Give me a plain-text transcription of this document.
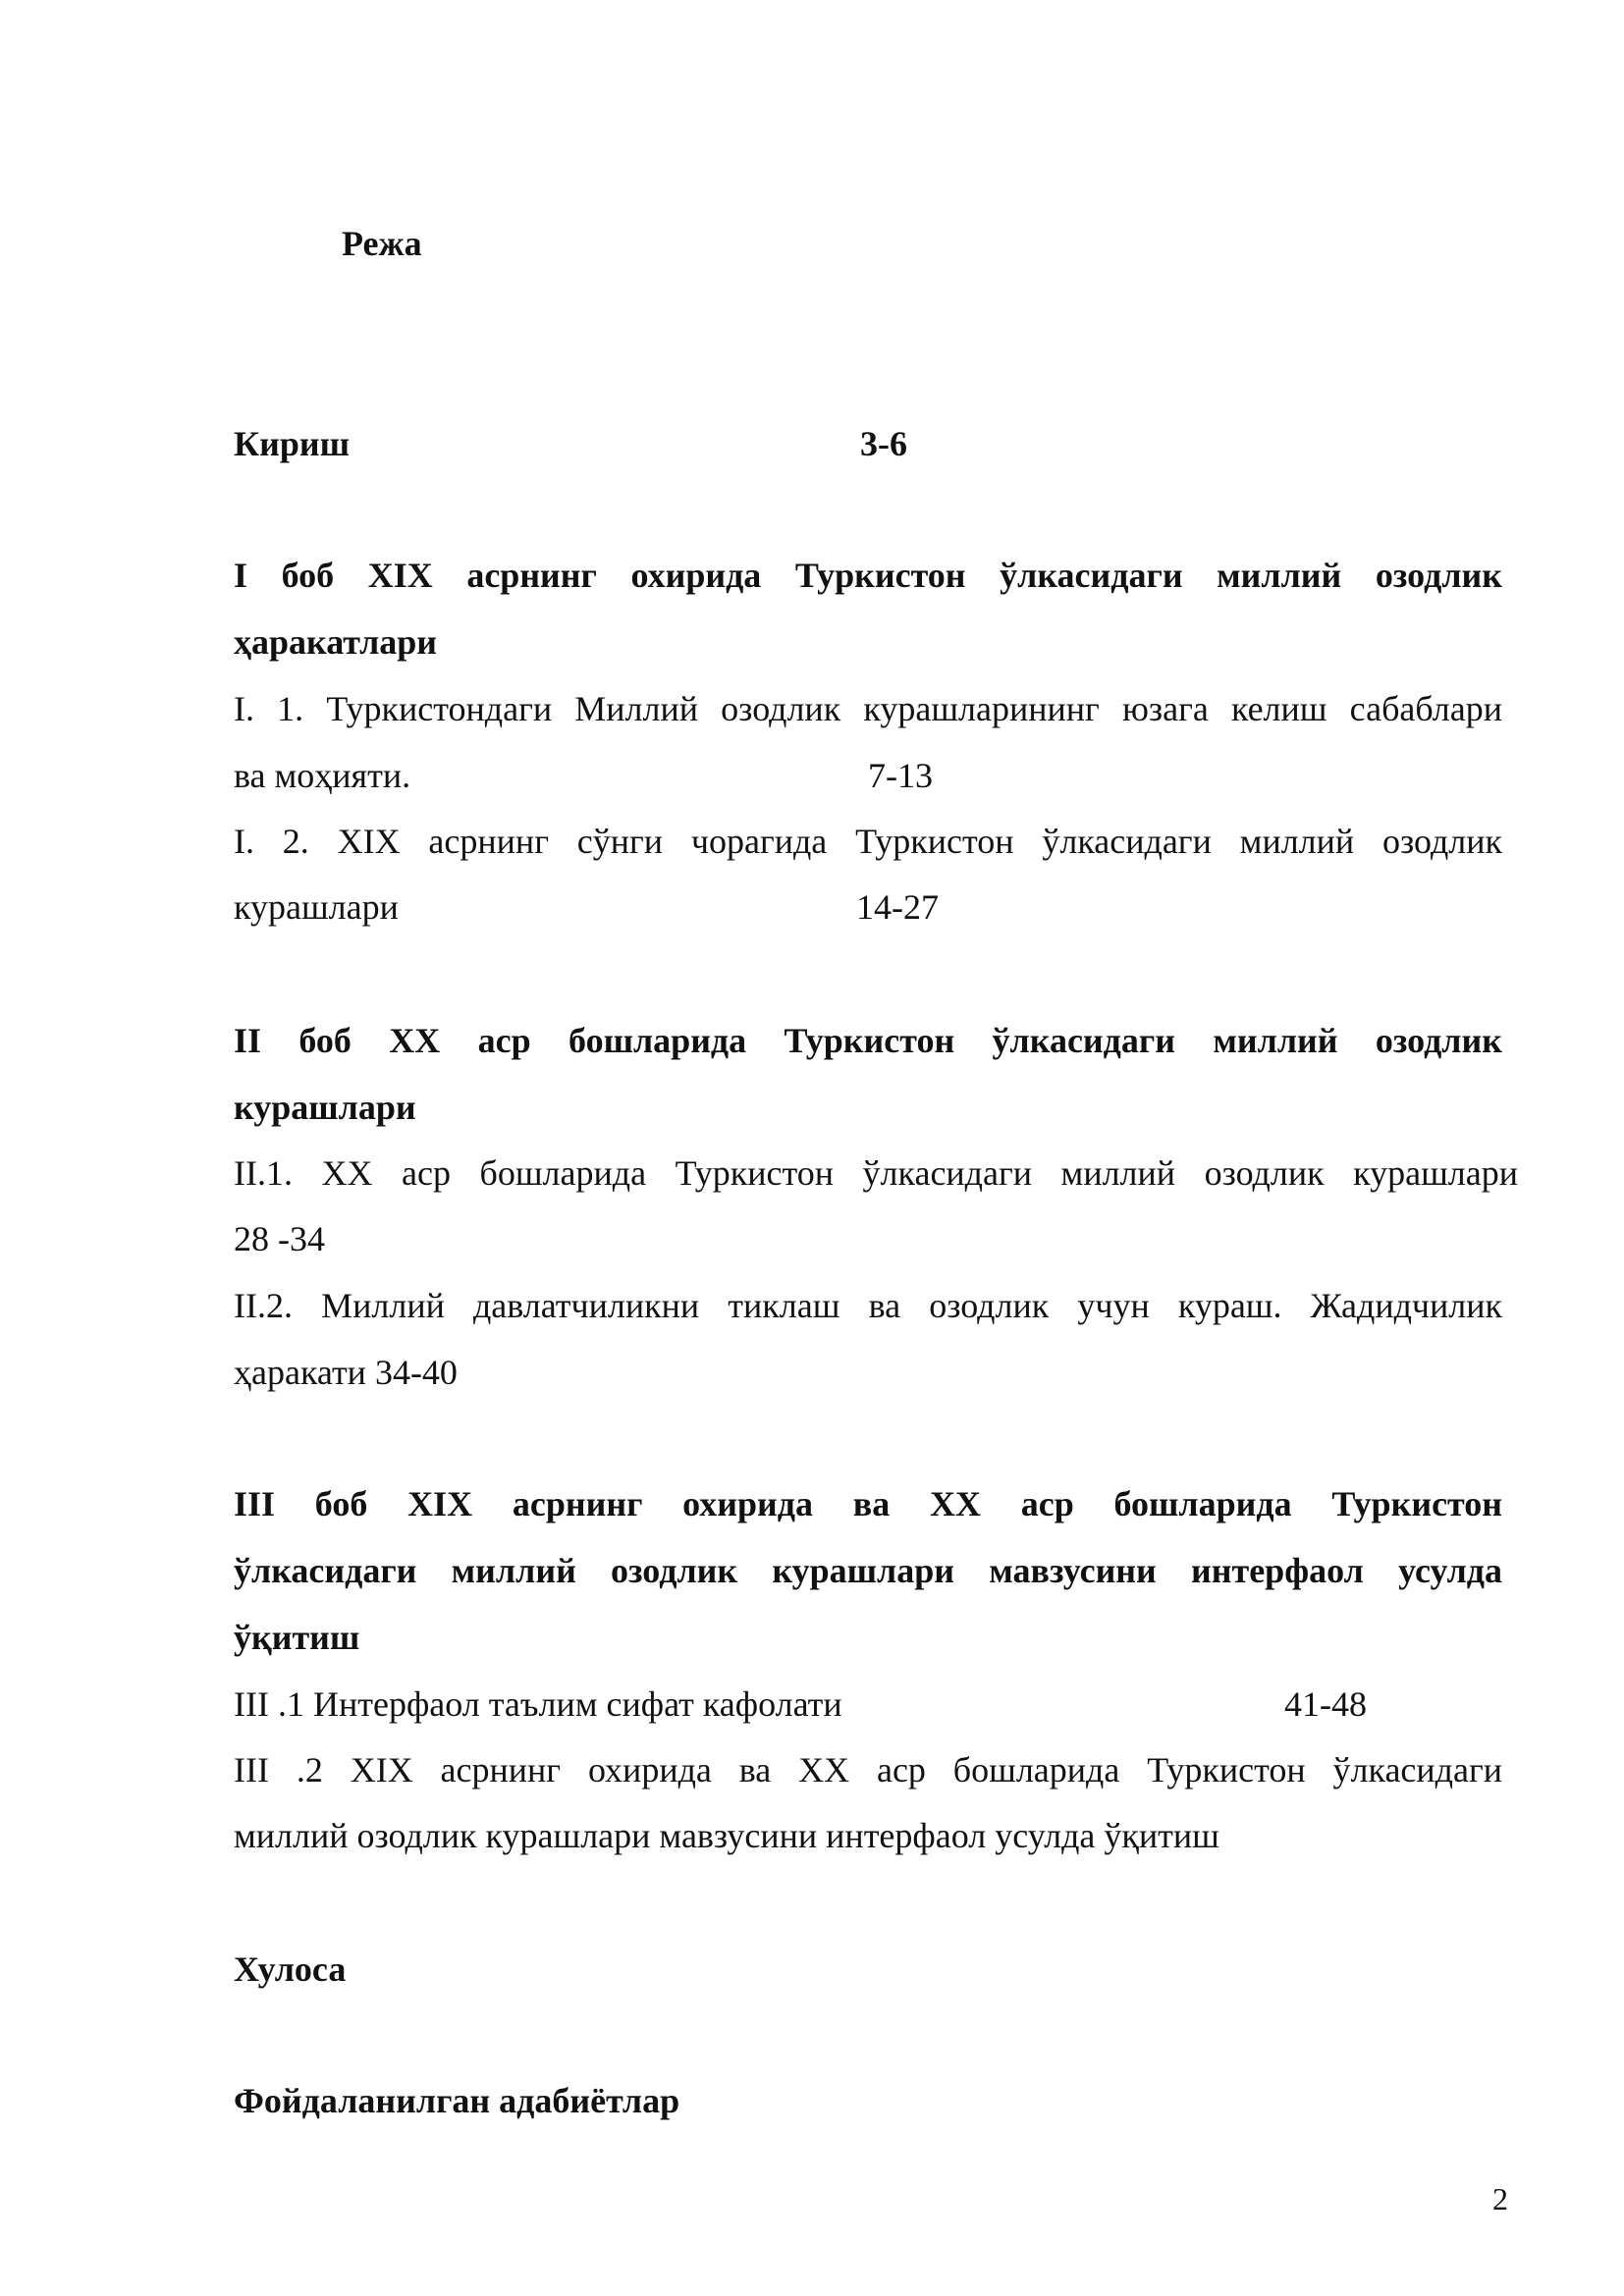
Режа
Кириш	3-6
I боб XIX асрнинг охирида Туркистон ўлкасидаги миллий озодлик
ҳаракатлари
I. 1. Туркистондаги Миллий озодлик курашларининг юзага келиш сабаблари
ва моҳияти.	7-13
I. 2. XIX асрнинг сўнги чорагида Туркистон ўлкасидаги миллий озодлик
курашлари	14-27
II боб XX аср бошларида Туркистон ўлкасидаги миллий озодлик
курашлари
II.1. XX аср бошларида Туркистон ўлкасидаги миллий озодлик курашлари
28 -34
II.2. Миллий давлатчиликни тиклаш ва озодлик учун кураш. Жадидчилик
ҳаракати 34-40
III боб XIX асрнинг охирида ва XX аср бошларида Туркистон
ўлкасидаги миллий озодлик курашлари мавзусини интерфаол усулда
ўқитиш
III .1 Интерфаол таълим сифат кафолати	41-48
III .2 XIX асрнинг охирида ва XX аср бошларида Туркистон ўлкасидаги
миллий озодлик курашлари мавзусини интерфаол усулда ўқитиш
Хулоса
Фойдаланилган адабиётлар
2
